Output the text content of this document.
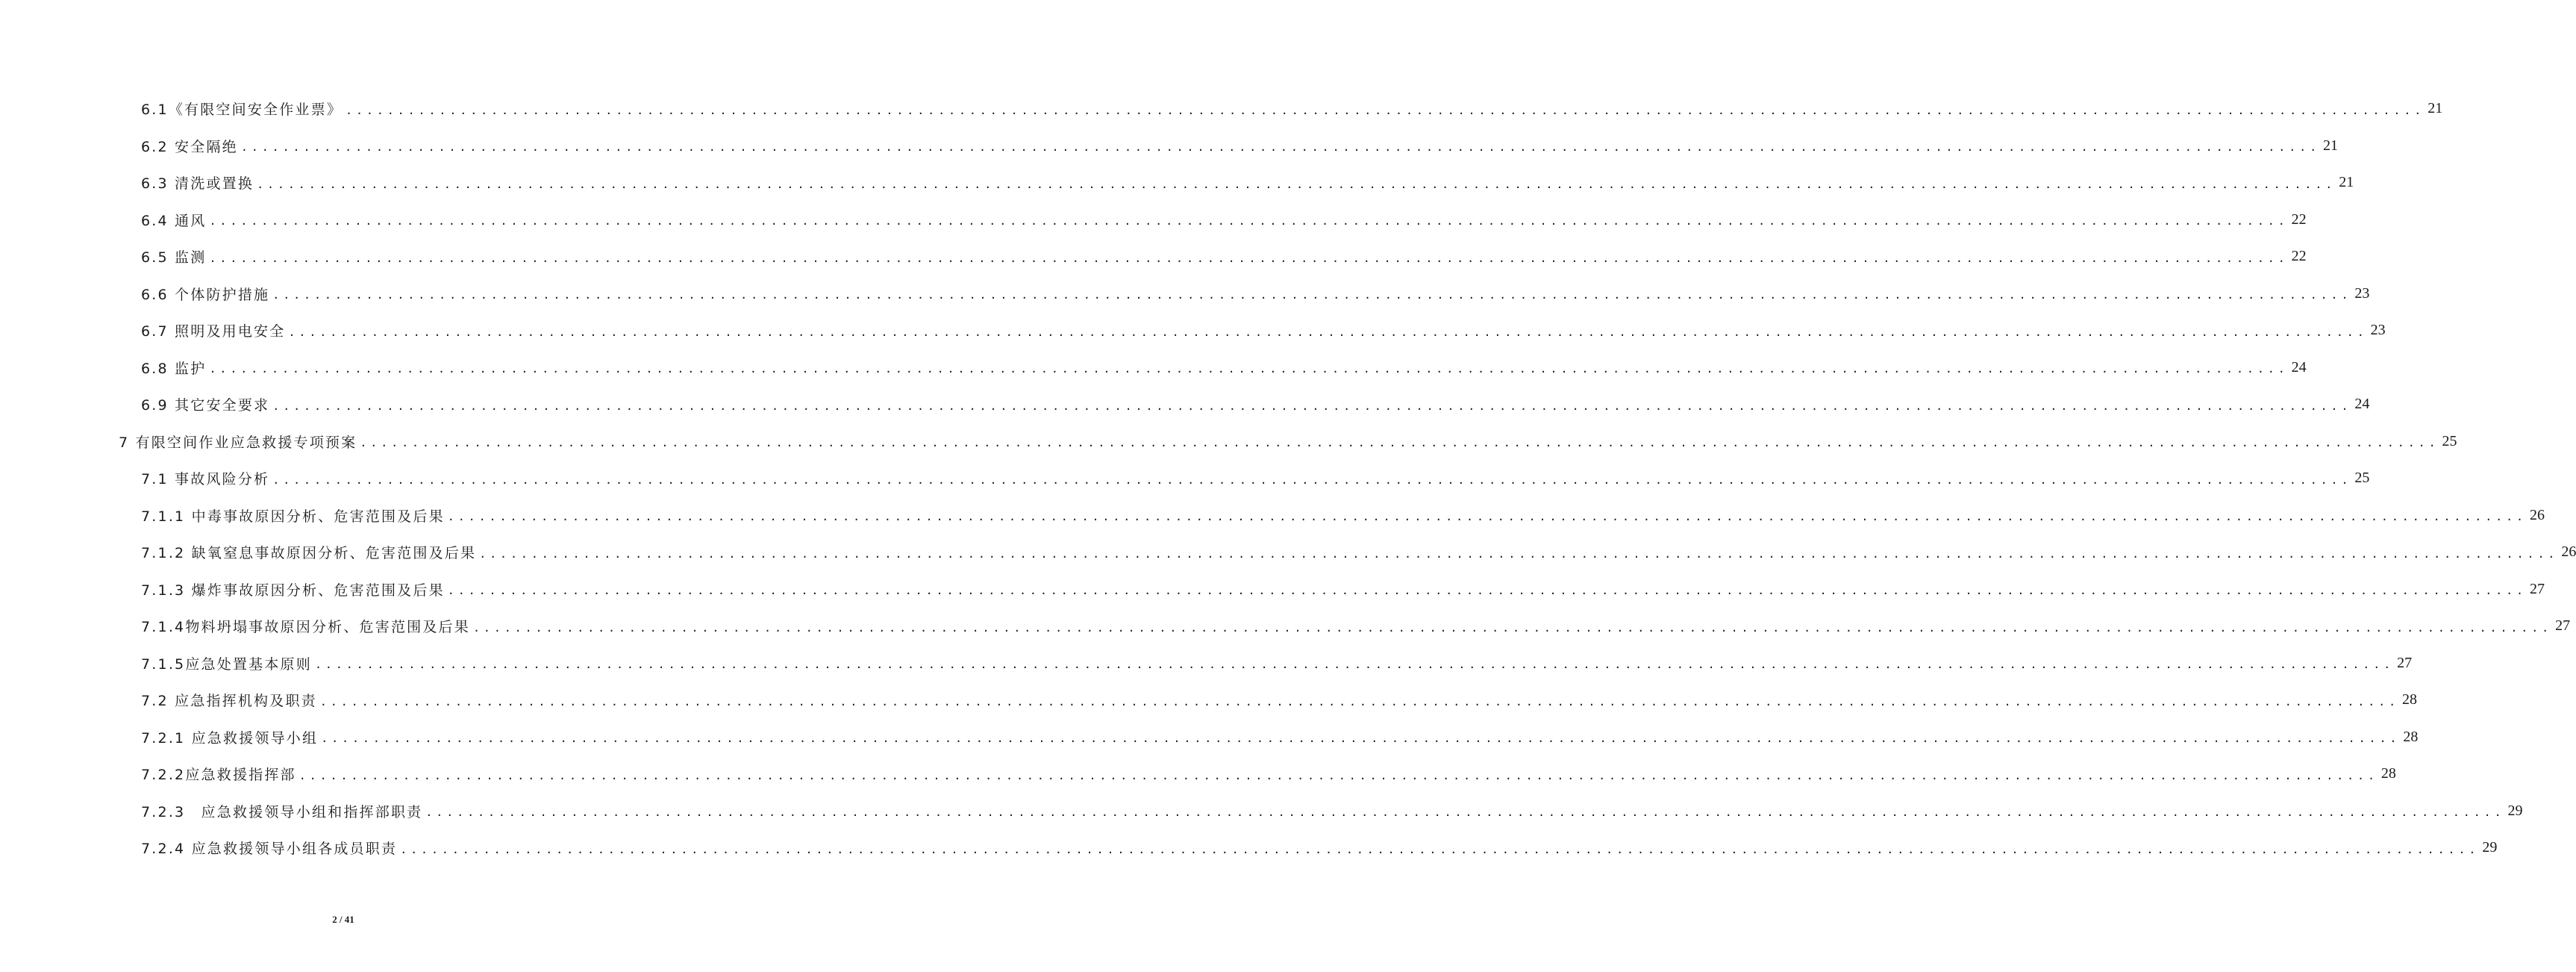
6.1《有限空间安全作业票》 ........................................................................................................................................................................................................ 21
6.2 安全隔绝 ........................................................................................................................................................................................................ 21
6.3 清洗或置换 ........................................................................................................................................................................................................ 21
6.4 通风 ........................................................................................................................................................................................................ 22
6.5 监测 ........................................................................................................................................................................................................ 22
6.6 个体防护措施 ........................................................................................................................................................................................................ 23
6.7 照明及用电安全 ........................................................................................................................................................................................................ 23
6.8 监护 ........................................................................................................................................................................................................ 24
6.9 其它安全要求 ........................................................................................................................................................................................................ 24
7 有限空间作业应急救援专项预案 ........................................................................................................................................................................................................ 25
7.1 事故风险分析 ........................................................................................................................................................................................................ 25
7.1.1 中毒事故原因分析、危害范围及后果 ........................................................................................................................................................................................................ 26
7.1.2 缺氧窒息事故原因分析、危害范围及后果 ........................................................................................................................................................................................................ 26
7.1.3 爆炸事故原因分析、危害范围及后果 ........................................................................................................................................................................................................ 27
7.1.4物料坍塌事故原因分析、危害范围及后果 ........................................................................................................................................................................................................ 27
7.1.5应急处置基本原则 ........................................................................................................................................................................................................ 27
7.2 应急指挥机构及职责 ........................................................................................................................................................................................................ 28
7.2.1 应急救援领导小组 ........................................................................................................................................................................................................ 28
7.2.2应急救援指挥部 ........................................................................................................................................................................................................ 28
7.2.3　应急救援领导小组和指挥部职责 ........................................................................................................................................................................................................ 29
7.2.4 应急救援领导小组各成员职责 ........................................................................................................................................................................................................ 29
2 / 41
